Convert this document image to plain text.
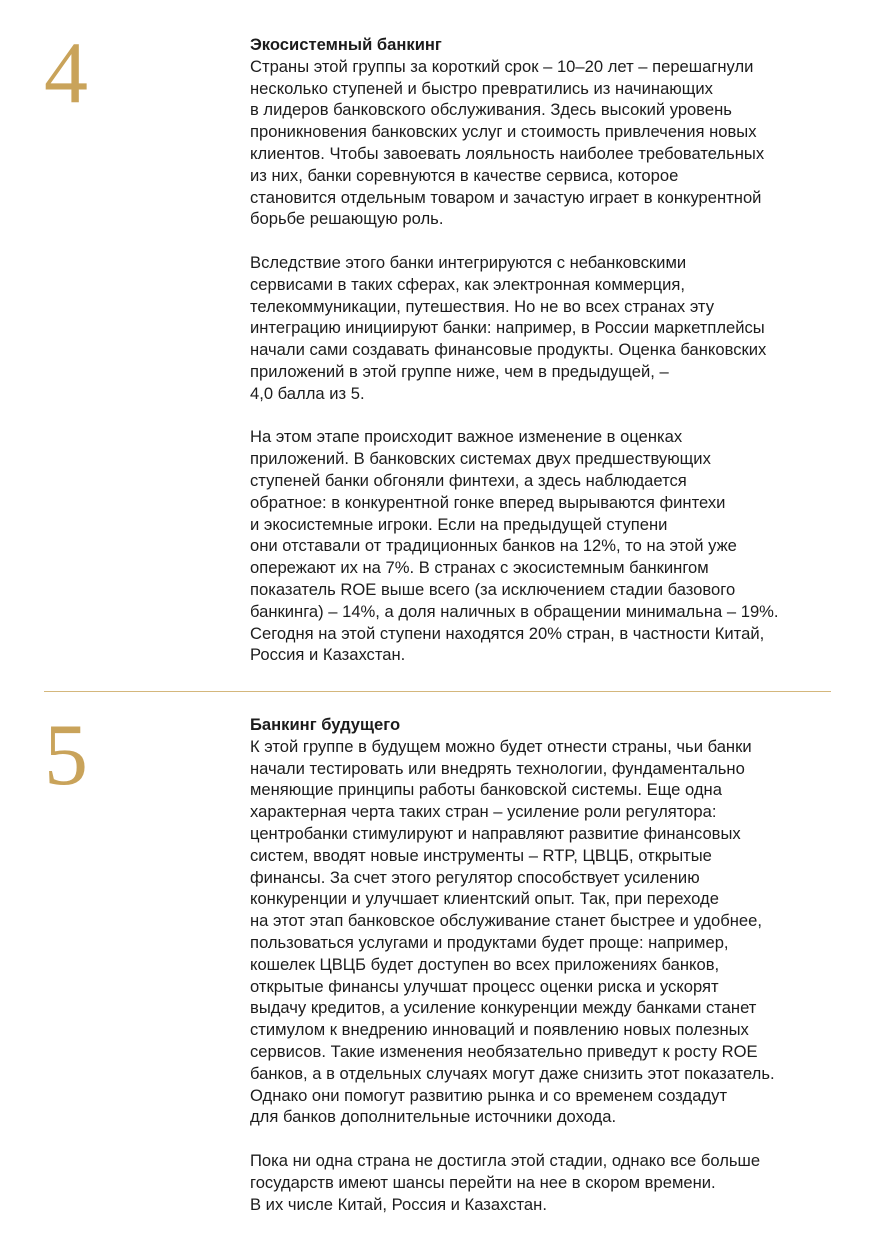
4	Экосистемный банкинг

Страны этой группы за короткий срок – 10–20 лет – перешагнули
несколько ступеней и быстро превратились из начинающих
в лидеров банковского обслуживания. Здесь высокий уровень
проникновения банковских услуг и стоимость привлечения новых
клиентов. Чтобы завоевать лояльность наиболее требовательных
из них, банки соревнуются в качестве сервиса, которое
становится отдельным товаром и зачастую играет в конкурентной
борьбе решающую роль.
Вследствие этого банки интегрируются с небанковскими
сервисами в таких сферах, как электронная коммерция,
телекоммуникации, путешествия. Но не во всех странах эту
интеграцию инициируют банки: например, в России маркетплейсы
начали сами создавать финансовые продукты. Оценка банковских
приложений в этой группе ниже, чем в предыдущей, –
4,0 балла из 5.
На этом этапе происходит важное изменение в оценках
приложений. В банковских системах двух предшествующих
ступеней банки обгоняли финтехи, а здесь наблюдается
обратное: в конкурентной гонке вперед вырываются финтехи
и экосистемные игроки. Если на предыдущей ступени
они отставали от традиционных банков на 12%, то на этой уже
опережают их на 7%. В странах с экосистемным банкингом
показатель ROE выше всего (за исключением стадии базового
банкинга) – 14%, а доля наличных в обращении минимальна – 19%.
Сегодня на этой ступени находятся 20% стран, в частности Китай,
Россия и Казахстан.
5	Банкинг будущего

К этой группе в будущем можно будет отнести страны, чьи банки
начали тестировать или внедрять технологии, фундаментально
меняющие принципы работы банковской системы. Еще одна
характерная черта таких стран – усиление роли регулятора:
центробанки стимулируют и направляют развитие финансовых
систем, вводят новые инструменты – RTP, ЦВЦБ, открытые
финансы. За счет этого регулятор способствует усилению
конкуренции и улучшает клиентский опыт. Так, при переходе
на этот этап банковское обслуживание станет быстрее и удобнее,
пользоваться услугами и продуктами будет проще: например,
кошелек ЦВЦБ будет доступен во всех приложениях банков,
открытые финансы улучшат процесс оценки риска и ускорят
выдачу кредитов, а усиление конкуренции между банками станет
стимулом к внедрению инноваций и появлению новых полезных
сервисов. Такие изменения необязательно приведут к росту ROE
банков, а в отдельных случаях могут даже снизить этот показатель.
Однако они помогут развитию рынка и со временем создадут
для банков дополнительные источники дохода.
Пока ни одна страна не достигла этой стадии, однако все больше
государств имеют шансы перейти на нее в скором времени.
В их числе Китай, Россия и Казахстан.
